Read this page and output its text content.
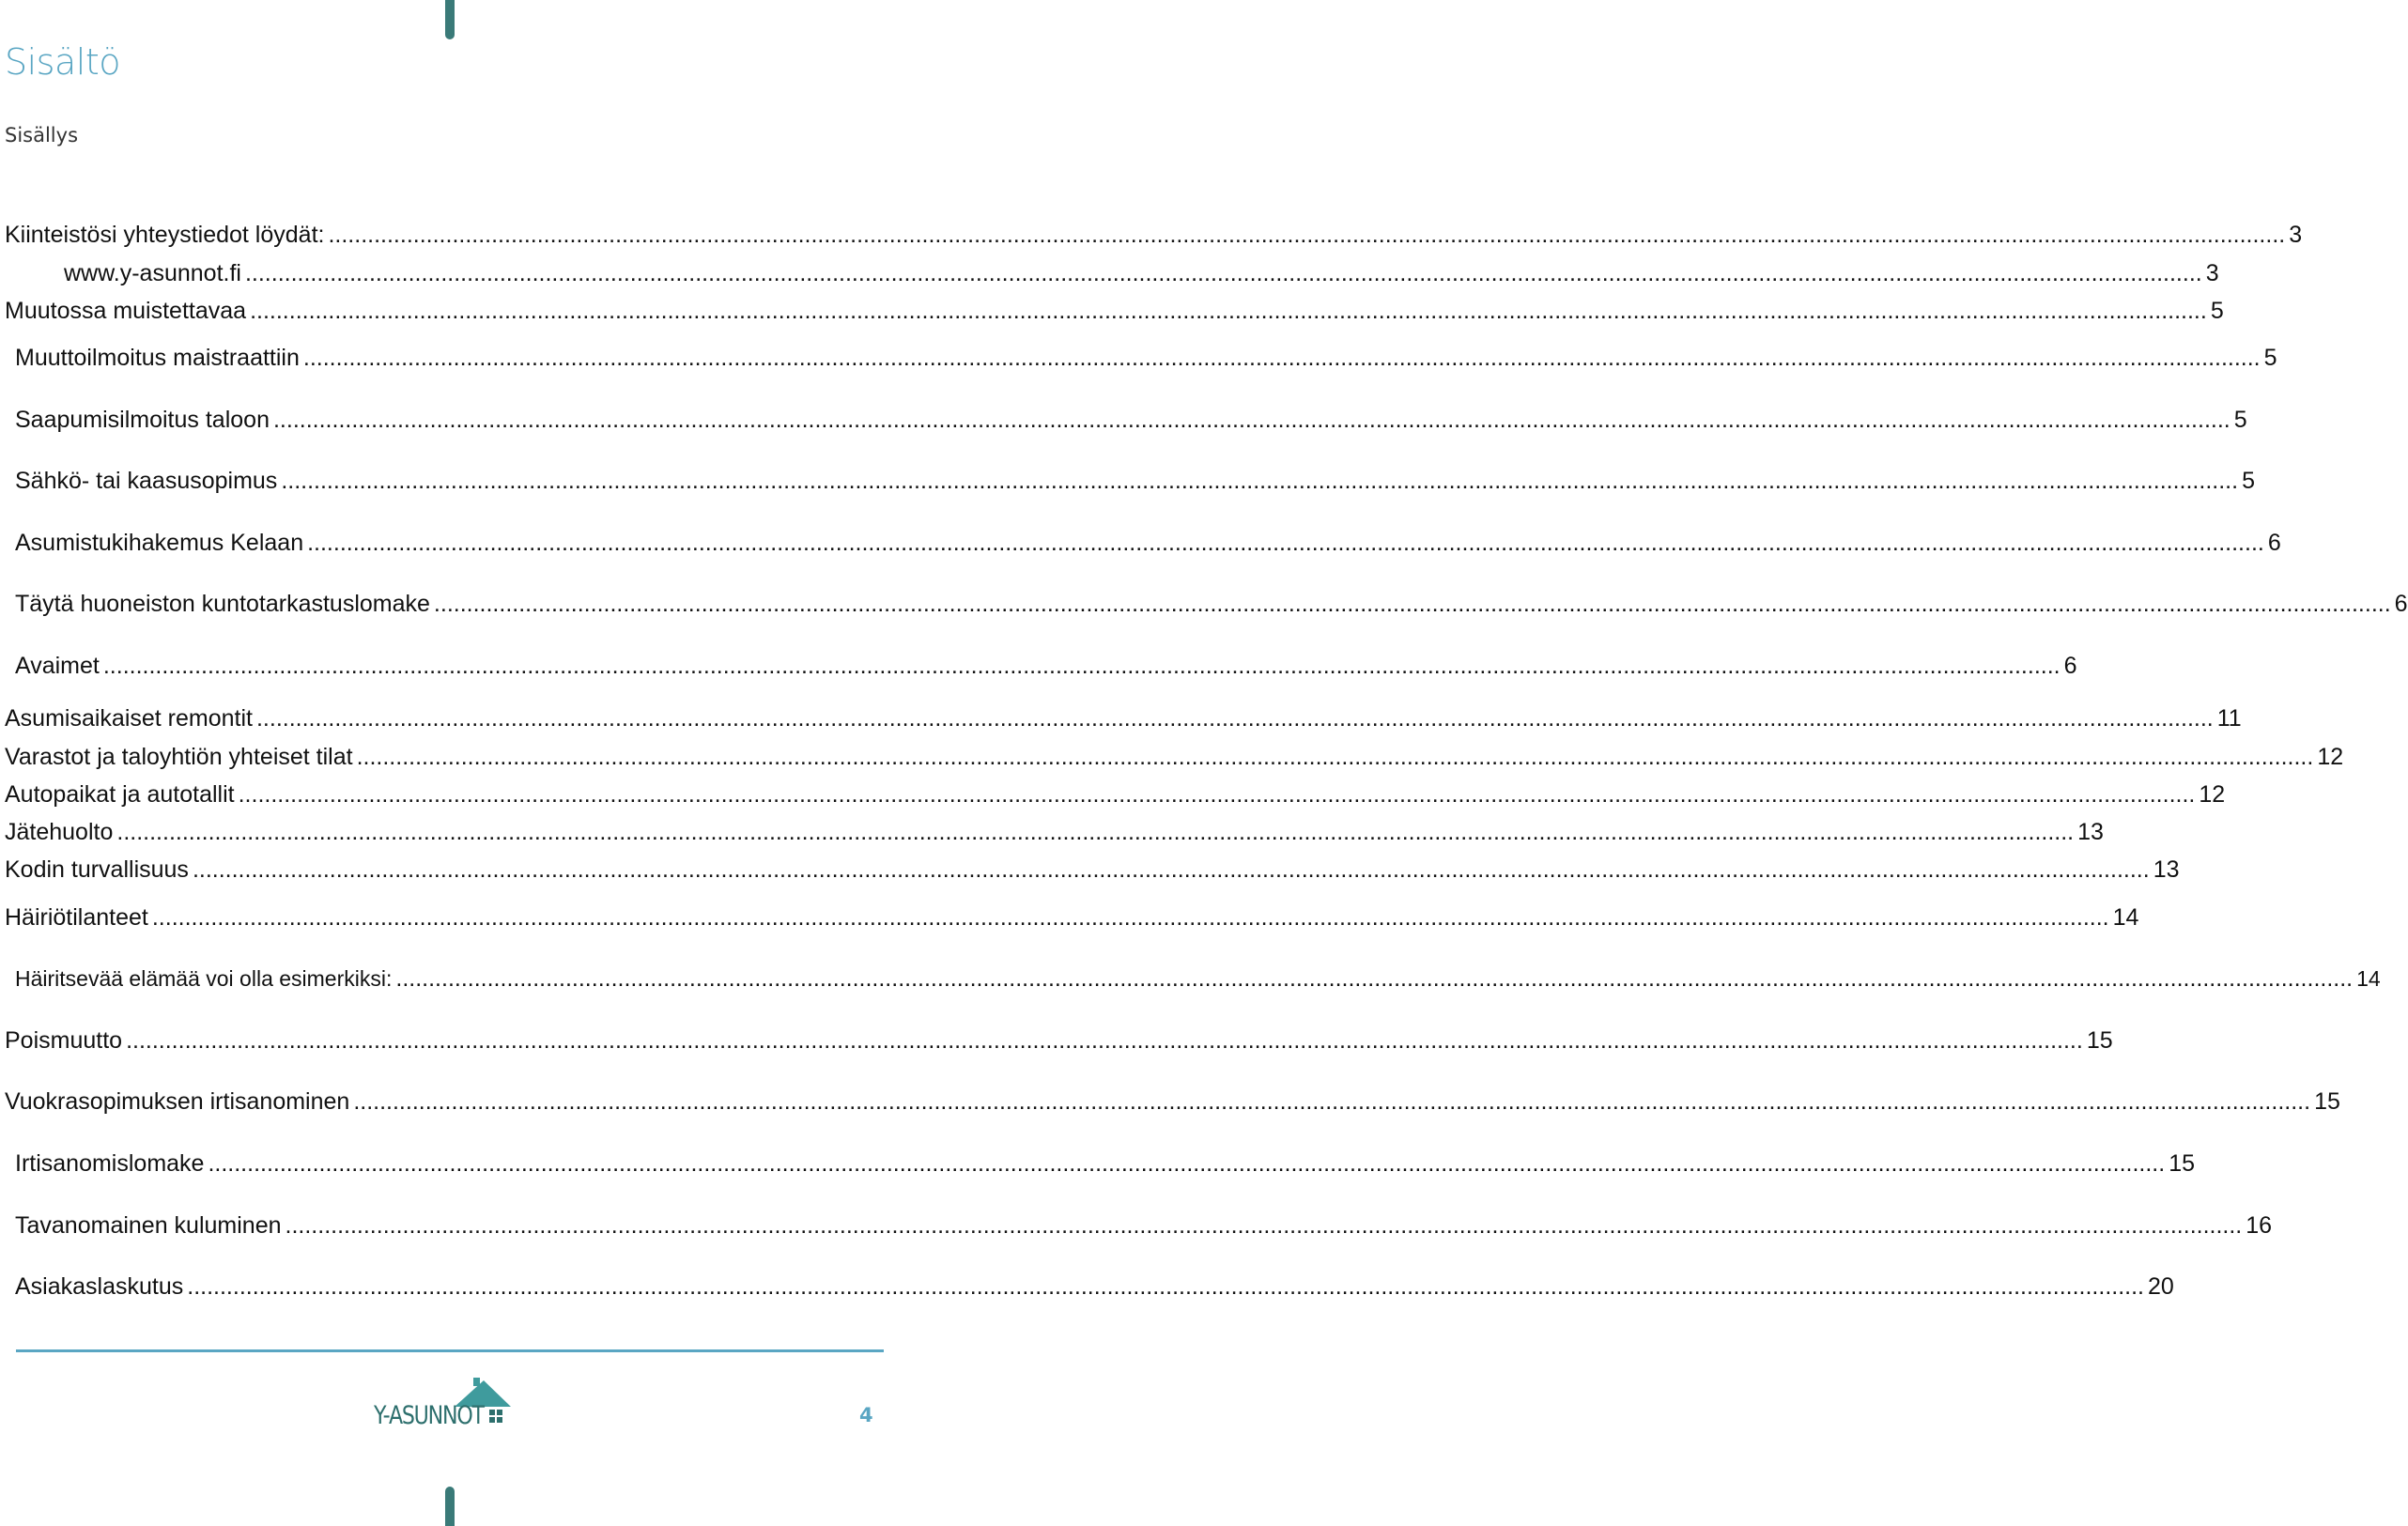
Sisältö
Sisällys
Kiinteistösi yhteystiedot löydät: ............................................................................................................................................................................................................................................................................................................ 3
www.y-asunnot.fi ............................................................................................................................................................................................................................................................................................................ 3
Muutossa muistettavaa ............................................................................................................................................................................................................................................................................................................ 5
Muuttoilmoitus maistraattiin ............................................................................................................................................................................................................................................................................................................ 5
Saapumisilmoitus taloon ............................................................................................................................................................................................................................................................................................................ 5
Sähkö- tai kaasusopimus ............................................................................................................................................................................................................................................................................................................ 5
Asumistukihakemus Kelaan ............................................................................................................................................................................................................................................................................................................ 6
Täytä huoneiston kuntotarkastuslomake ............................................................................................................................................................................................................................................................................................................ 6
Avaimet ............................................................................................................................................................................................................................................................................................................ 6
Asumisaikaiset remontit ............................................................................................................................................................................................................................................................................................................ 11
Varastot ja taloyhtiön yhteiset tilat ............................................................................................................................................................................................................................................................................................................ 12
Autopaikat ja autotallit ............................................................................................................................................................................................................................................................................................................ 12
Jätehuolto ............................................................................................................................................................................................................................................................................................................ 13
Kodin turvallisuus ............................................................................................................................................................................................................................................................................................................ 13
Häiriötilanteet ............................................................................................................................................................................................................................................................................................................ 14
Häiritsevää elämää voi olla esimerkiksi: ............................................................................................................................................................................................................................................................................................................ 14
Poismuutto ............................................................................................................................................................................................................................................................................................................ 15
Vuokrasopimuksen irtisanominen ............................................................................................................................................................................................................................................................................................................ 15
Irtisanomislomake ............................................................................................................................................................................................................................................................................................................ 15
Tavanomainen kuluminen ............................................................................................................................................................................................................................................................................................................ 16
Asiakaslaskutus ............................................................................................................................................................................................................................................................................................................ 20
Y-ASUNNOT	4
